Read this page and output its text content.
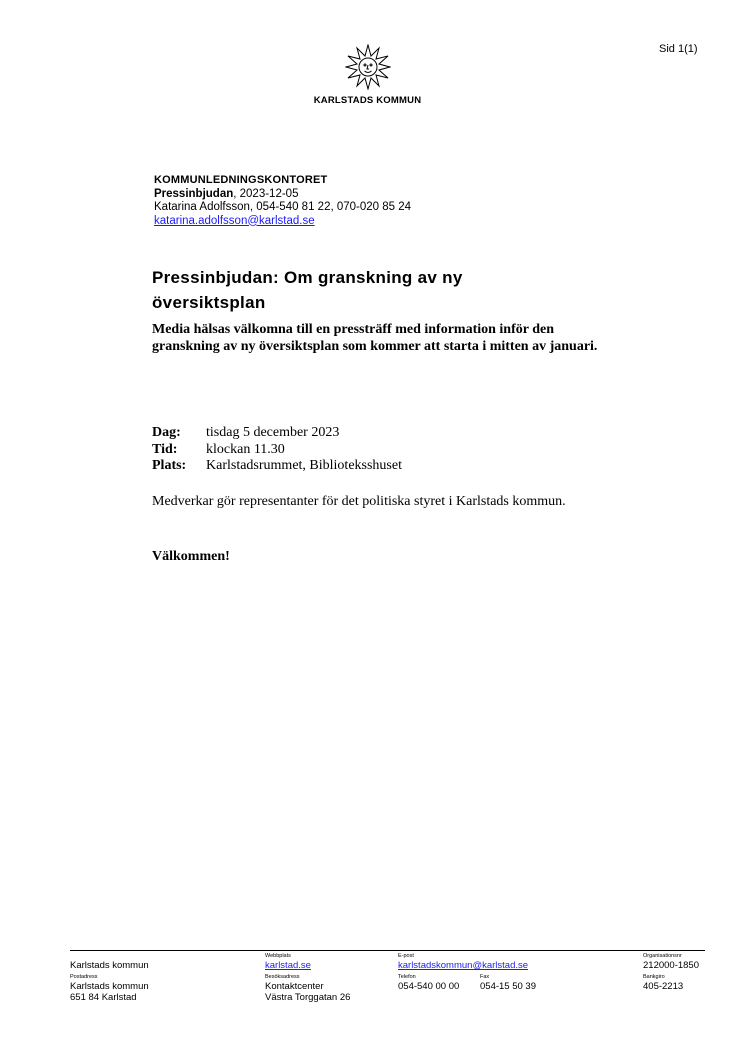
Sid 1(1)
KARLSTADS KOMMUN
KOMMUNLEDNINGSKONTORET
Pressinbjudan, 2023-12-05
Katarina Adolfsson, 054-540 81 22, 070-020 85 24
katarina.adolfsson@karlstad.se
Pressinbjudan: Om granskning av ny översiktsplan
Media hälsas välkomna till en pressträff med information inför den granskning av ny översiktsplan som kommer att starta i mitten av januari.
Dag:	tisdag 5 december 2023
Tid:	klockan 11.30
Plats:	Karlstadsrummet, Biblioteksshuset
Medverkar gör representanter för det politiska styret i Karlstads kommun.
Välkommen!

Karlstads kommun
Postadress
Karlstads kommun
651 84 Karlstad
Webbplats
karlstad.se
Besöksadress
Kontaktcenter
Västra Torggatan 26
E-post
karlstadskommun@karlstad.se
Telefon
054-540 00 00
Fax
054-15 50 39
Organisationsnr
212000-1850
Bankgiro
405-2213
